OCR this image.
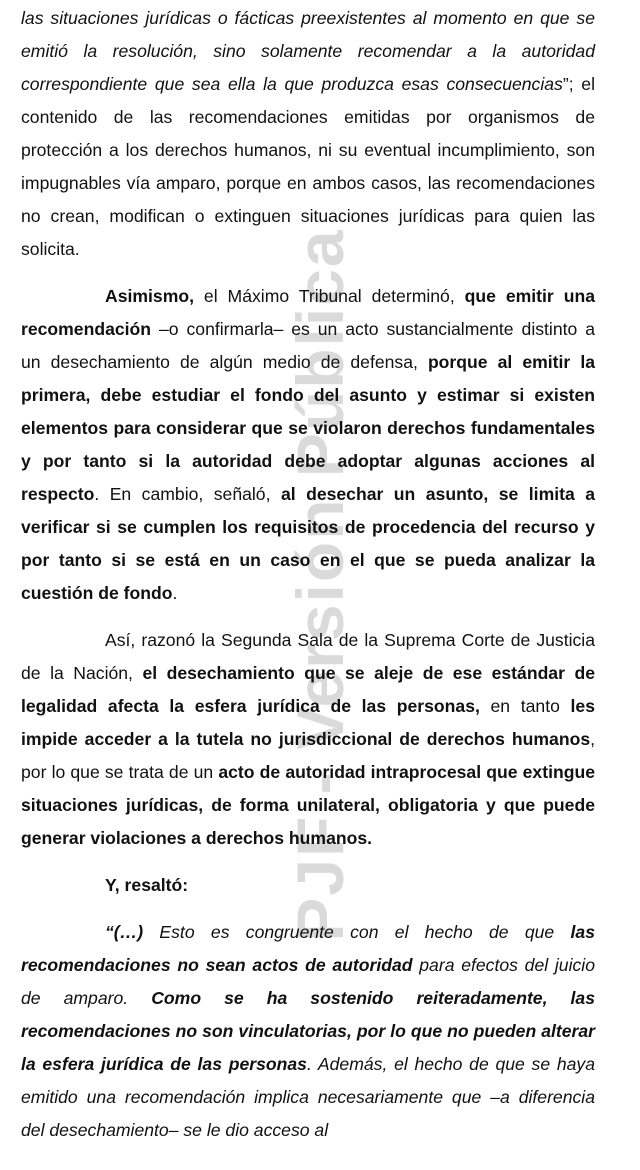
PJF - Versión Pública

las situaciones jurídicas o fácticas preexistentes al momento en que se emitió la resolución, sino solamente recomendar a la autoridad correspondiente que sea ella la que produzca esas consecuencias”; el contenido de las recomendaciones emitidas por organismos de protección a los derechos humanos, ni su eventual incumplimiento, son impugnables vía amparo, porque en ambos casos, las recomendaciones no crean, modifican o extinguen situaciones jurídicas para quien las solicita.

Asimismo, el Máximo Tribunal determinó, que emitir una recomendación –o confirmarla– es un acto sustancialmente distinto a un desechamiento de algún medio de defensa, porque al emitir la primera, debe estudiar el fondo del asunto y estimar si existen elementos para considerar que se violaron derechos fundamentales y por tanto si la autoridad debe adoptar algunas acciones al respecto. En cambio, señaló, al desechar un asunto, se limita a verificar si se cumplen los requisitos de procedencia del recurso y por tanto si se está en un caso en el que se pueda analizar la cuestión de fondo.

Así, razonó la Segunda Sala de la Suprema Corte de Justicia de la Nación, el desechamiento que se aleje de ese estándar de legalidad afecta la esfera jurídica de las personas, en tanto les impide acceder a la tutela no jurisdiccional de derechos humanos, por lo que se trata de un acto de autoridad intraprocesal que extingue situaciones jurídicas, de forma unilateral, obligatoria y que puede generar violaciones a derechos humanos.

Y, resaltó:

“(…) Esto es congruente con el hecho de que las recomendaciones no sean actos de autoridad para efectos del juicio de amparo. Como se ha sostenido reiteradamente, las recomendaciones no son vinculatorias, por lo que no pueden alterar la esfera jurídica de las personas. Además, el hecho de que se haya emitido una recomendación implica necesariamente que –a diferencia del desechamiento– se le dio acceso al
